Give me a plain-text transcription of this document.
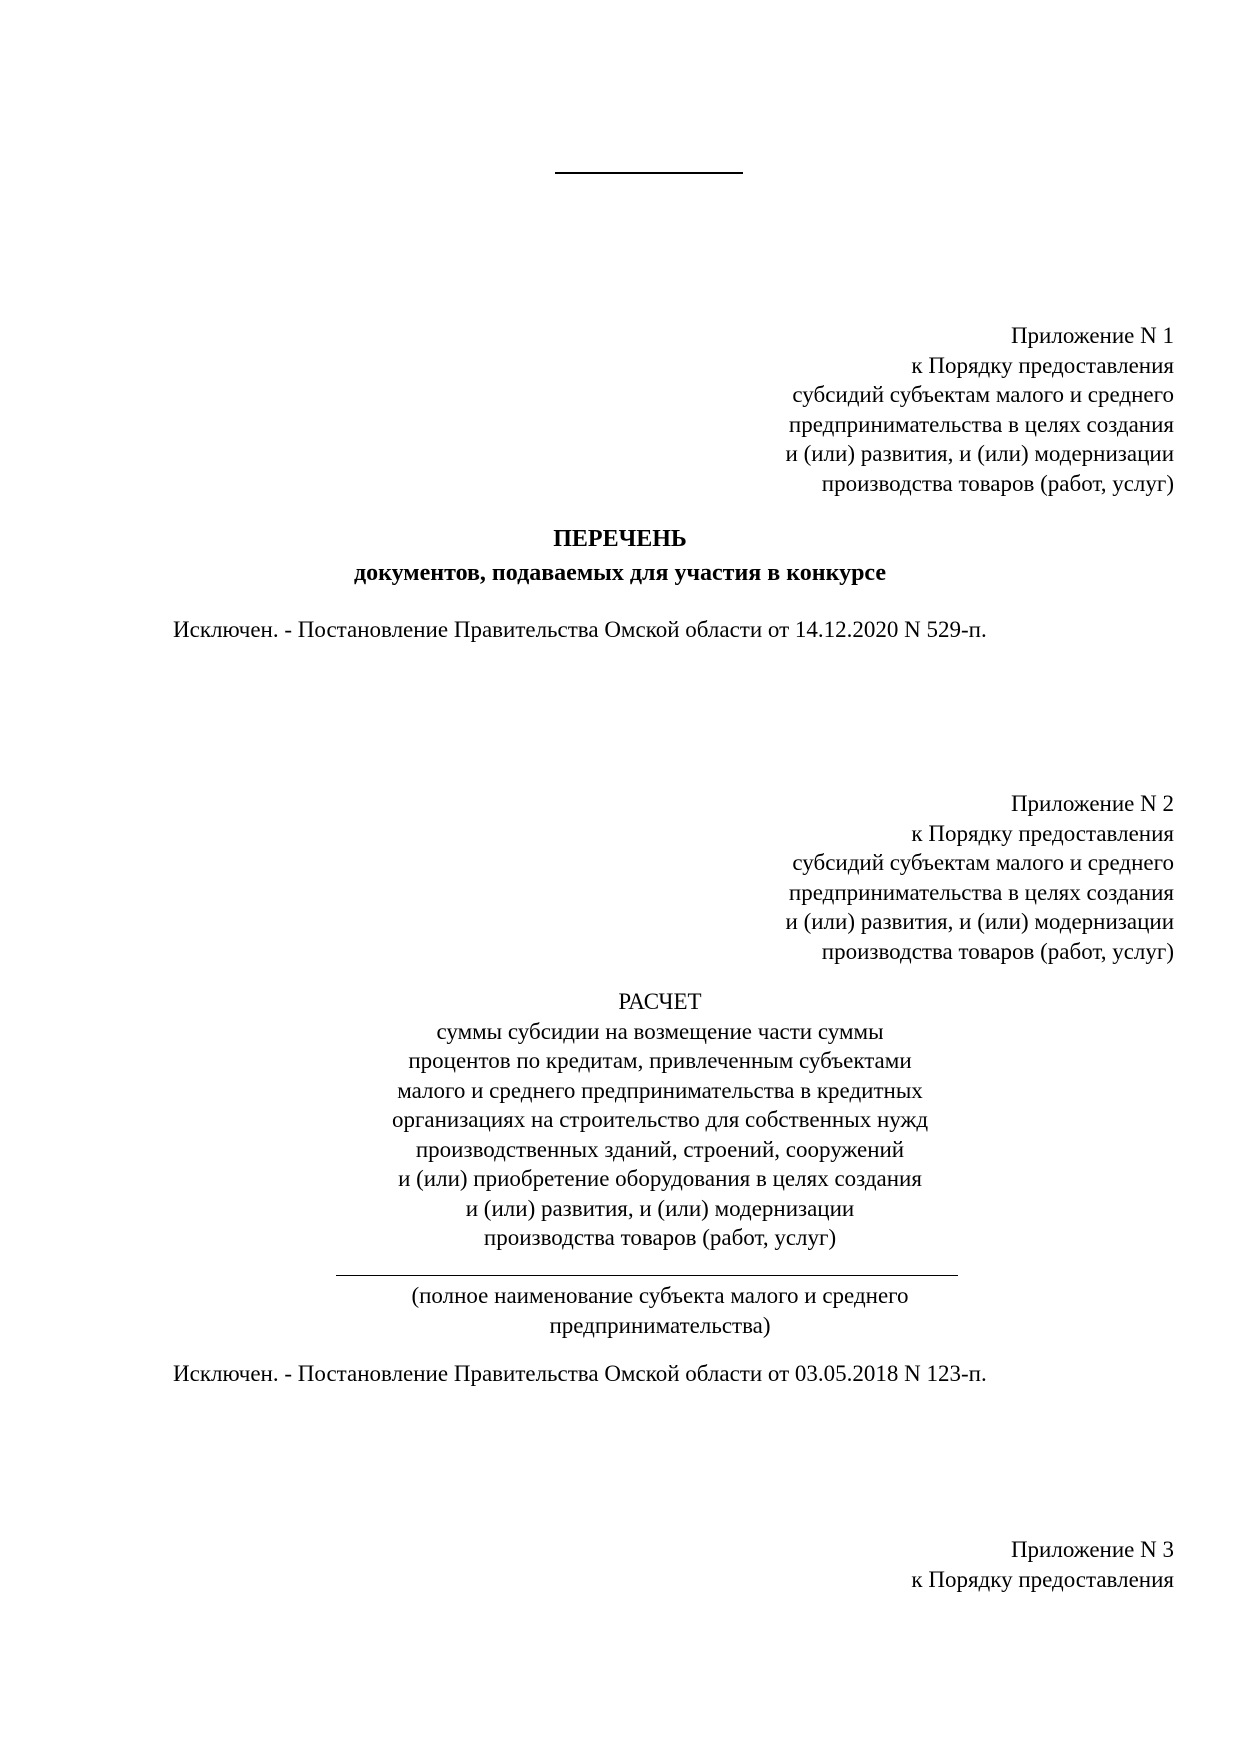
Приложение N 1
к Порядку предоставления
субсидий субъектам малого и среднего
предпринимательства в целях создания
и (или) развития, и (или) модернизации
производства товаров (работ, услуг)
ПЕРЕЧЕНЬ
документов, подаваемых для участия в конкурсе
Исключен. - Постановление Правительства Омской области от 14.12.2020 N 529-п.
Приложение N 2
к Порядку предоставления
субсидий субъектам малого и среднего
предпринимательства в целях создания
и (или) развития, и (или) модернизации
производства товаров (работ, услуг)
РАСЧЕТ
суммы субсидии на возмещение части суммы
процентов по кредитам, привлеченным субъектами
малого и среднего предпринимательства в кредитных
организациях на строительство для собственных нужд
производственных зданий, строений, сооружений
и (или) приобретение оборудования в целях создания
и (или) развития, и (или) модернизации
производства товаров (работ, услуг)
(полное наименование субъекта малого и среднего
предпринимательства)
Исключен. - Постановление Правительства Омской области от 03.05.2018 N 123-п.
Приложение N 3
к Порядку предоставления
